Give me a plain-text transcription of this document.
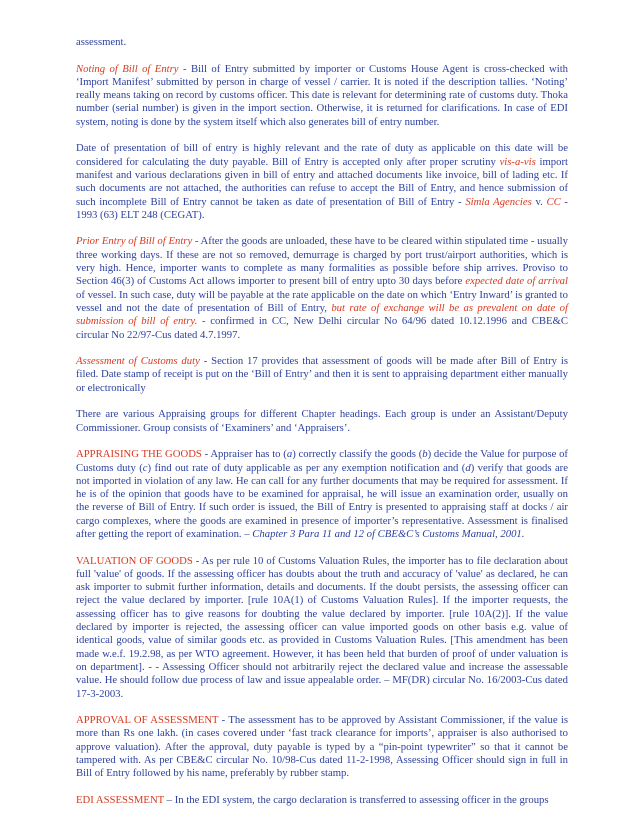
assessment.

Noting of Bill of Entry - Bill of Entry submitted by importer or Customs House Agent is cross-checked with ‘Import Manifest’ submitted by person in charge of vessel / carrier. It is noted if the description tallies. ‘Noting’ really means taking on record by customs officer. This date is relevant for determining rate of customs duty. Thoka number (serial number) is given in the import section. Otherwise, it is returned for clarifications. In case of EDI system, noting is done by the system itself which also generates bill of entry number.

Date of presentation of bill of entry is highly relevant and the rate of duty as applicable on this date will be considered for calculating the duty payable. Bill of Entry is accepted only after proper scrutiny vis-a-vis import manifest and various declarations given in bill of entry and attached documents like invoice, bill of lading etc. If such documents are not attached, the authorities can refuse to accept the Bill of Entry, and hence submission of such incomplete Bill of Entry cannot be taken as date of presentation of Bill of Entry - Simla Agencies v. CC - 1993 (63) ELT 248 (CEGAT).

Prior Entry of Bill of Entry - After the goods are unloaded, these have to be cleared within stipulated time - usually three working days. If these are not so removed, demurrage is charged by port trust/airport authorities, which is very high. Hence, importer wants to complete as many formalities as possible before ship arrives. Proviso to Section 46(3) of Customs Act allows importer to present bill of entry upto 30 days before expected date of arrival of vessel. In such case, duty will be payable at the rate applicable on the date on which ‘Entry Inward’ is granted to vessel and not the date of presentation of Bill of Entry, but rate of exchange will be as prevalent on date of submission of bill of entry. - confirmed in CC, New Delhi circular No 64/96 dated 10.12.1996 and CBE&C circular No 22/97-Cus dated 4.7.1997.

Assessment of Customs duty - Section 17 provides that assessment of goods will be made after Bill of Entry is filed. Date stamp of receipt is put on the ‘Bill of Entry’ and then it is sent to appraising department either manually or electronically

There are various Appraising groups for different Chapter headings. Each group is under an Assistant/Deputy Commissioner. Group consists of ‘Examiners’ and ‘Appraisers’.

APPRAISING THE GOODS - Appraiser has to (a) correctly classify the goods (b) decide the Value for purpose of Customs duty (c) find out rate of duty applicable as per any exemption notification and (d) verify that goods are not imported in violation of any law. He can call for any further documents that may be required for assessment. If he is of the opinion that goods have to be examined for appraisal, he will issue an examination order, usually on the reverse of Bill of Entry. If such order is issued, the Bill of Entry is presented to appraising staff at docks / air cargo complexes, where the goods are examined in presence of importer’s representative. Assessment is finalised after getting the report of examination. – Chapter 3 Para 11 and 12 of CBE&C’s Customs Manual, 2001.

VALUATION OF GOODS - As per rule 10 of Customs Valuation Rules, the importer has to file declaration about full 'value' of goods. If the assessing officer has doubts about the truth and accuracy of 'value' as declared, he can ask importer to submit further information, details and documents. If the doubt persists, the assessing officer can reject the value declared by importer. [rule 10A(1) of Customs Valuation Rules]. If the importer requests, the assessing officer has to give reasons for doubting the value declared by importer. [rule 10A(2)]. If the value declared by importer is rejected, the assessing officer can value imported goods on other basis e.g. value of identical goods, value of similar goods etc. as provided in Customs Valuation Rules. [This amendment has been made w.e.f. 19.2.98, as per WTO agreement. However, it has been held that burden of proof of under valuation is on department]. - - Assessing Officer should not arbitrarily reject the declared value and increase the assessable value. He should follow due process of law and issue appealable order. – MF(DR) circular No. 16/2003-Cus dated 17-3-2003.

APPROVAL OF ASSESSMENT - The assessment has to be approved by Assistant Commissioner, if the value is more than Rs one lakh. (in cases covered under ‘fast track clearance for imports’, appraiser is also authorised to approve valuation). After the approval, duty payable is typed by a “pin-point typewriter” so that it cannot be tampered with. As per CBE&C circular No. 10/98-Cus dated 11-2-1998, Assessing Officer should sign in full in Bill of Entry followed by his name, preferably by rubber stamp.

EDI ASSESSMENT – In the EDI system, the cargo declaration is transferred to assessing officer in the groups
